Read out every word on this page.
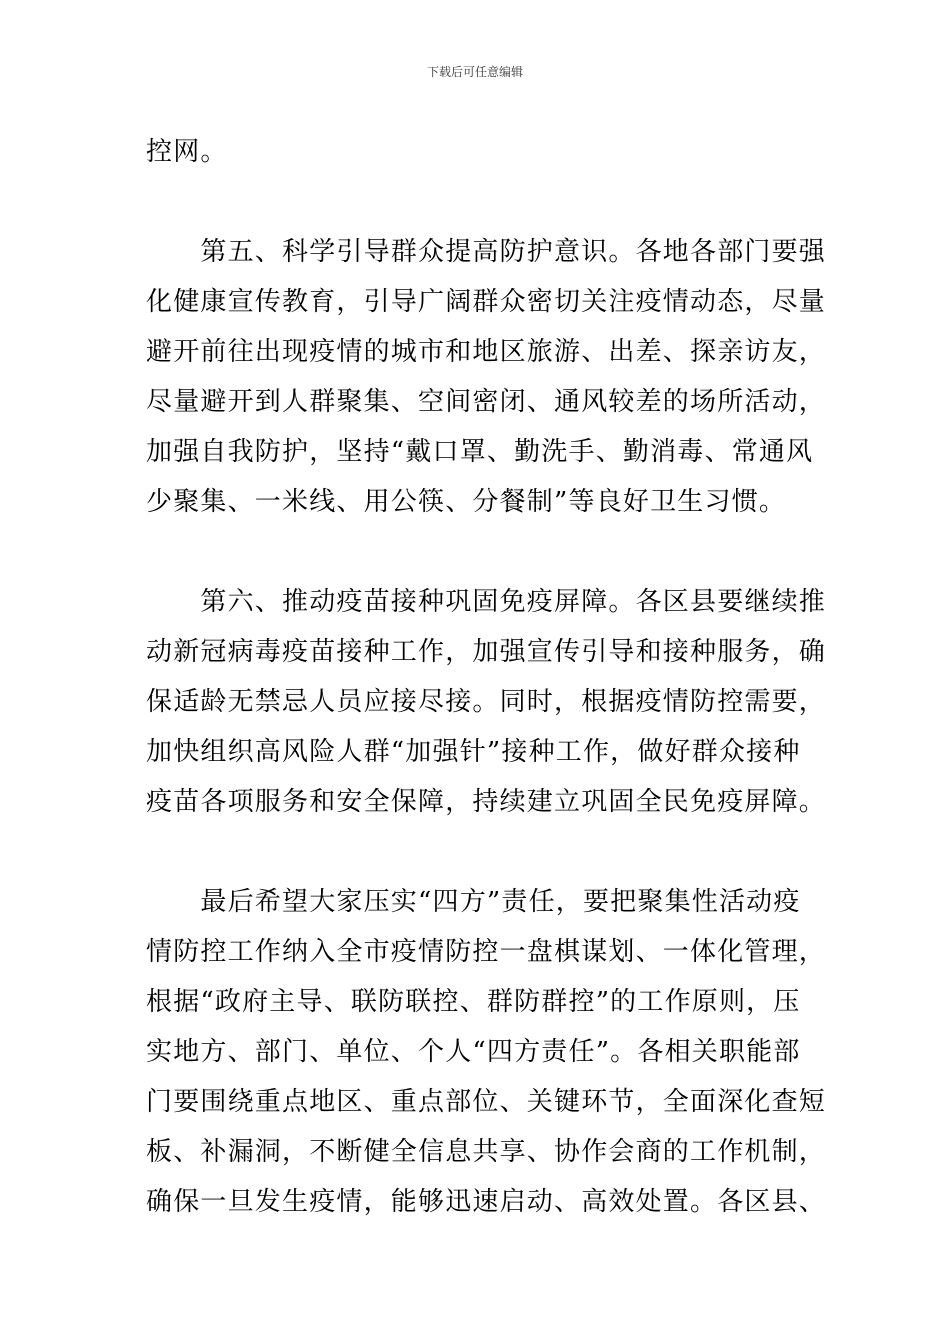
下载后可任意编辑

控网。

　　第五、科学引导群众提高防护意识。各地各部门要强
化健康宣传教育，引导广阔群众密切关注疫情动态，尽量
避开前往出现疫情的城市和地区旅游、出差、探亲访友，
尽量避开到人群聚集、空间密闭、通风较差的场所活动，
加强自我防护，坚持“戴口罩、勤洗手、勤消毒、常通风
少聚集、一米线、用公筷、分餐制”等良好卫生习惯。

　　第六、推动疫苗接种巩固免疫屏障。各区县要继续推
动新冠病毒疫苗接种工作，加强宣传引导和接种服务，确
保适龄无禁忌人员应接尽接。同时，根据疫情防控需要，
加快组织高风险人群“加强针”接种工作，做好群众接种
疫苗各项服务和安全保障，持续建立巩固全民免疫屏障。

　　最后希望大家压实“四方”责任，要把聚集性活动疫
情防控工作纳入全市疫情防控一盘棋谋划、一体化管理，
根据“政府主导、联防联控、群防群控”的工作原则，压
实地方、部门、单位、个人“四方责任”。各相关职能部
门要围绕重点地区、重点部位、关键环节，全面深化查短
板、补漏洞，不断健全信息共享、协作会商的工作机制，
确保一旦发生疫情，能够迅速启动、高效处置。各区县、
